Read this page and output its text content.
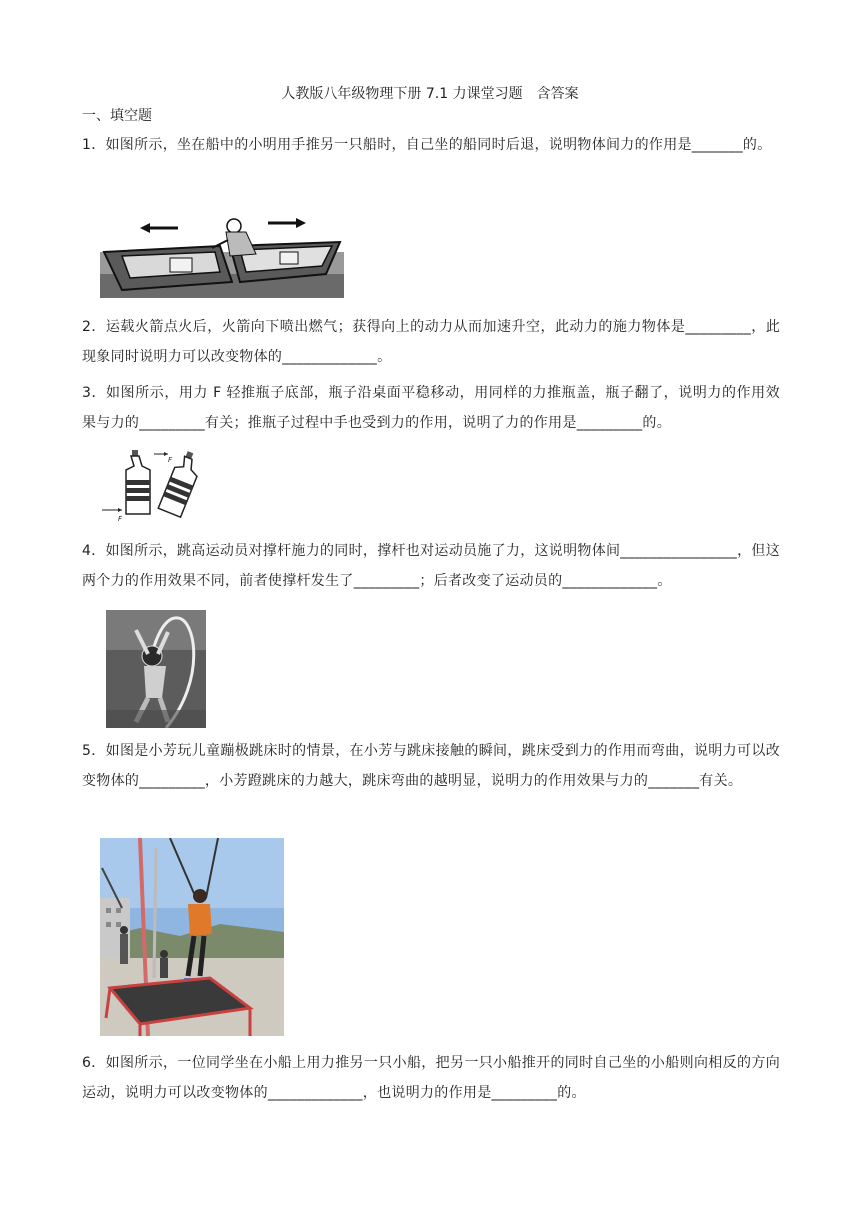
人教版八年级物理下册 7.1 力课堂习题　含答案
一、填空题
1．如图所示，坐在船中的小明用手推另一只船时，自己坐的船同时后退，说明物体间力的作用是_______的。
2．运载火箭点火后，火箭向下喷出燃气；获得向上的动力从而加速升空，此动力的施力物体是_________，此现象同时说明力可以改变物体的_____________。
3．如图所示，用力 F 轻推瓶子底部，瓶子沿桌面平稳移动，用同样的力推瓶盖，瓶子翻了，说明力的作用效果与力的_________有关；推瓶子过程中手也受到力的作用，说明了力的作用是_________的。
F
F
4．如图所示，跳高运动员对撑杆施力的同时，撑杆也对运动员施了力，这说明物体间________________，但这两个力的作用效果不同，前者使撑杆发生了_________；后者改变了运动员的_____________。
5．如图是小芳玩儿童蹦极跳床时的情景，在小芳与跳床接触的瞬间，跳床受到力的作用而弯曲，说明力可以改变物体的_________，小芳蹬跳床的力越大，跳床弯曲的越明显，说明力的作用效果与力的_______有关。
6．如图所示，一位同学坐在小船上用力推另一只小船，把另一只小船推开的同时自己坐的小船则向相反的方向运动，说明力可以改变物体的_____________，也说明力的作用是_________的。
